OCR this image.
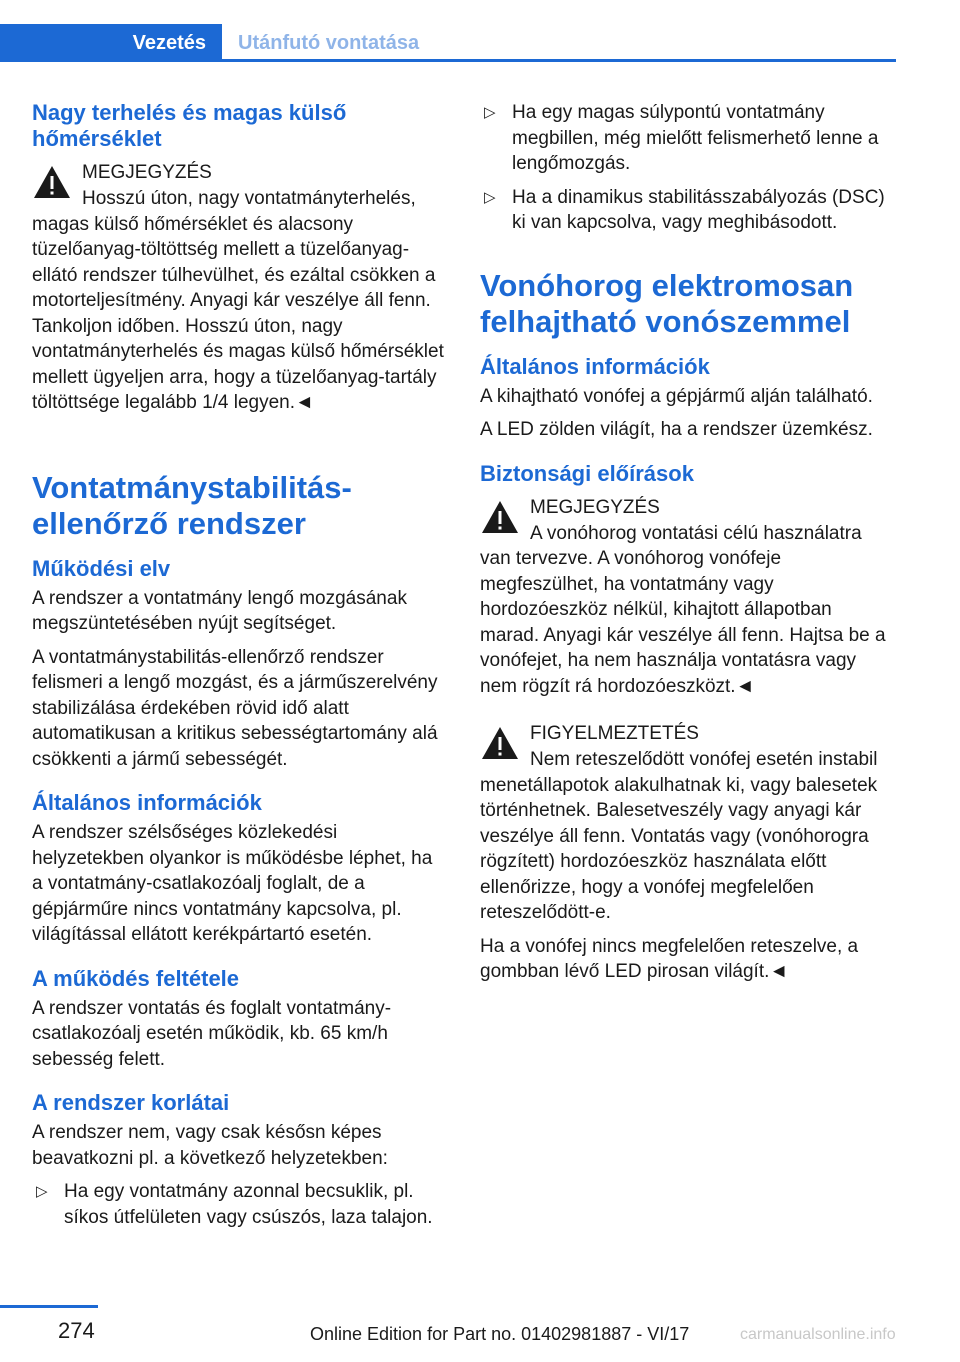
Vezetés	Utánfutó vontatása
Nagy terhelés és magas külső hőmérséklet
MEGJEGYZÉS

Hosszú úton, nagy vontatmányterhelés, magas külső hőmérséklet és alacsony tüzelőanyag-töltöttség mellett a tüzelőanyag-ellátó rendszer túlhevülhet, és ezáltal csökken a motorteljesítmény. Anyagi kár veszélye áll fenn. Tankoljon időben. Hosszú úton, nagy vontatmányterhelés és magas külső hőmérséklet mellett ügyeljen arra, hogy a tüzelőanyag-tartály töltöttsége legalább 1/4 legyen.◄

Vontatmánystabilitás-ellenőrző rendszer
Működési elv

A rendszer a vontatmány lengő mozgásának megszüntetésében nyújt segítséget.

A vontatmánystabilitás-ellenőrző rendszer felismeri a lengő mozgást, és a járműszerelvény stabilizálása érdekében rövid idő alatt automatikusan a kritikus sebességtartomány alá csökkenti a jármű sebességét.

Általános információk

A rendszer szélsőséges közlekedési helyzetekben olyankor is működésbe léphet, ha a vontatmány-csatlakozóalj foglalt, de a gépjárműre nincs vontatmány kapcsolva, pl. világítással ellátott kerékpártartó esetén.

A működés feltétele

A rendszer vontatás és foglalt vontatmány-csatlakozóalj esetén működik, kb. 65 km/h sebesség felett.

A rendszer korlátai

A rendszer nem, vagy csak késősn képes beavatkozni pl. a következő helyzetekben:

▷ Ha egy vontatmány azonnal becsuklik, pl. síkos útfelületen vagy csúszós, laza talajon.
▷ Ha egy magas súlypontú vontatmány megbillen, még mielőtt felismerhető lenne a lengőmozgás.
▷ Ha a dinamikus stabilitásszabályozás (DSC) ki van kapcsolva, vagy meghibásodott.
Vonóhorog elektromosan felhajtható vonószemmel
Általános információk

A kihajtható vonófej a gépjármű alján található.

A LED zölden világít, ha a rendszer üzemkész.

Biztonsági előírások
MEGJEGYZÉS

A vonóhorog vontatási célú használatra van tervezve. A vonóhorog vonófeje megfeszülhet, ha vontatmány vagy hordozóeszköz nélkül, kihajtott állapotban marad. Anyagi kár veszélye áll fenn. Hajtsa be a vonófejet, ha nem használja vontatásra vagy nem rögzít rá hordozóeszközt.◄

FIGYELMEZTETÉS

Nem reteszelődött vonófej esetén instabil menetállapotok alakulhatnak ki, vagy balesetek történhetnek. Balesetveszély vagy anyagi kár veszélye áll fenn. Vontatás vagy (vonóhorogra rögzített) hordozóeszköz használata előtt ellenőrizze, hogy a vonófej megfelelően reteszelődött-e.

Ha a vonófej nincs megfelelően reteszelve, a gombban lévő LED pirosan világít.◄

274	Online Edition for Part no. 01402981887 - VI/17	carmanualsonline.info
